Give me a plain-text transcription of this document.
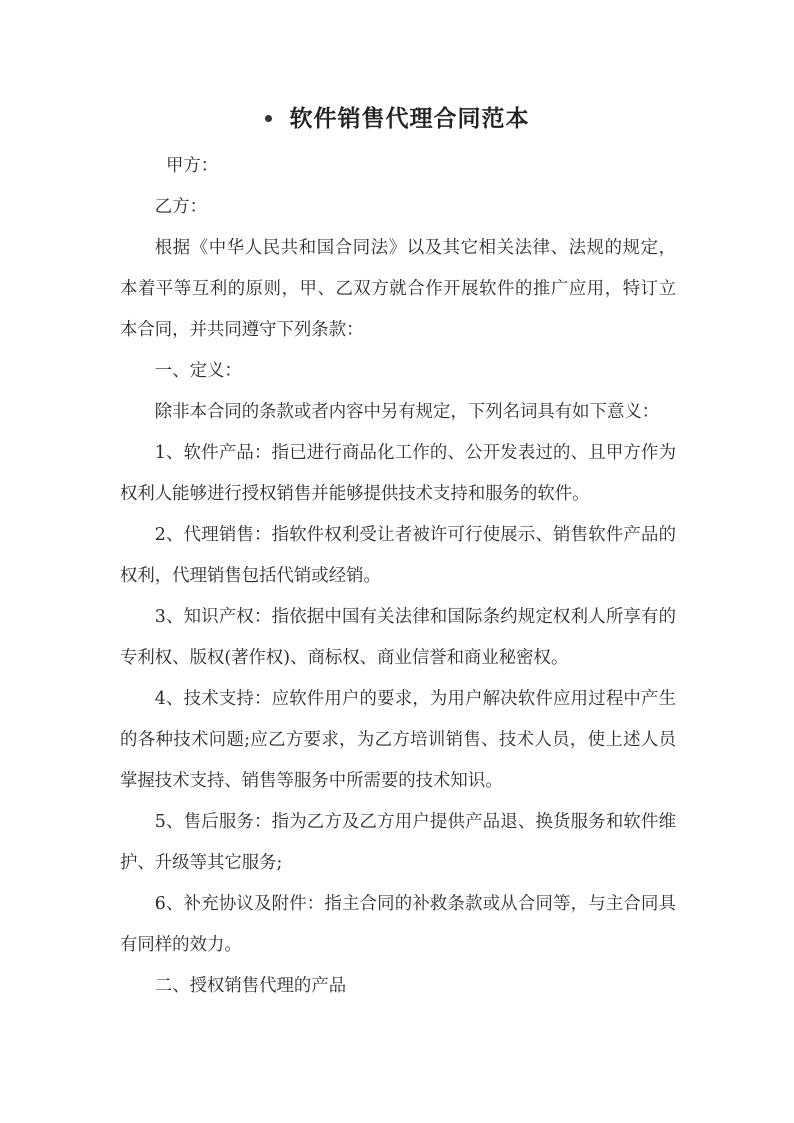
软件销售代理合同范本

甲方：

乙方：

根据《中华人民共和国合同法》以及其它相关法律、法规的规定，本着平等互利的原则，甲、乙双方就合作开展软件的推广应用，特订立本合同，并共同遵守下列条款：

一、定义：

除非本合同的条款或者内容中另有规定，下列名词具有如下意义：

1、软件产品：指已进行商品化工作的、公开发表过的、且甲方作为权利人能够进行授权销售并能够提供技术支持和服务的软件。

2、代理销售：指软件权利受让者被许可行使展示、销售软件产品的权利，代理销售包括代销或经销。

3、知识产权：指依据中国有关法律和国际条约规定权利人所享有的专利权、版权(著作权)、商标权、商业信誉和商业秘密权。

4、技术支持：应软件用户的要求，为用户解决软件应用过程中产生的各种技术问题;应乙方要求，为乙方培训销售、技术人员，使上述人员掌握技术支持、销售等服务中所需要的技术知识。

5、售后服务：指为乙方及乙方用户提供产品退、换货服务和软件维护、升级等其它服务;

6、补充协议及附件：指主合同的补救条款或从合同等，与主合同具有同样的效力。

二、授权销售代理的产品
